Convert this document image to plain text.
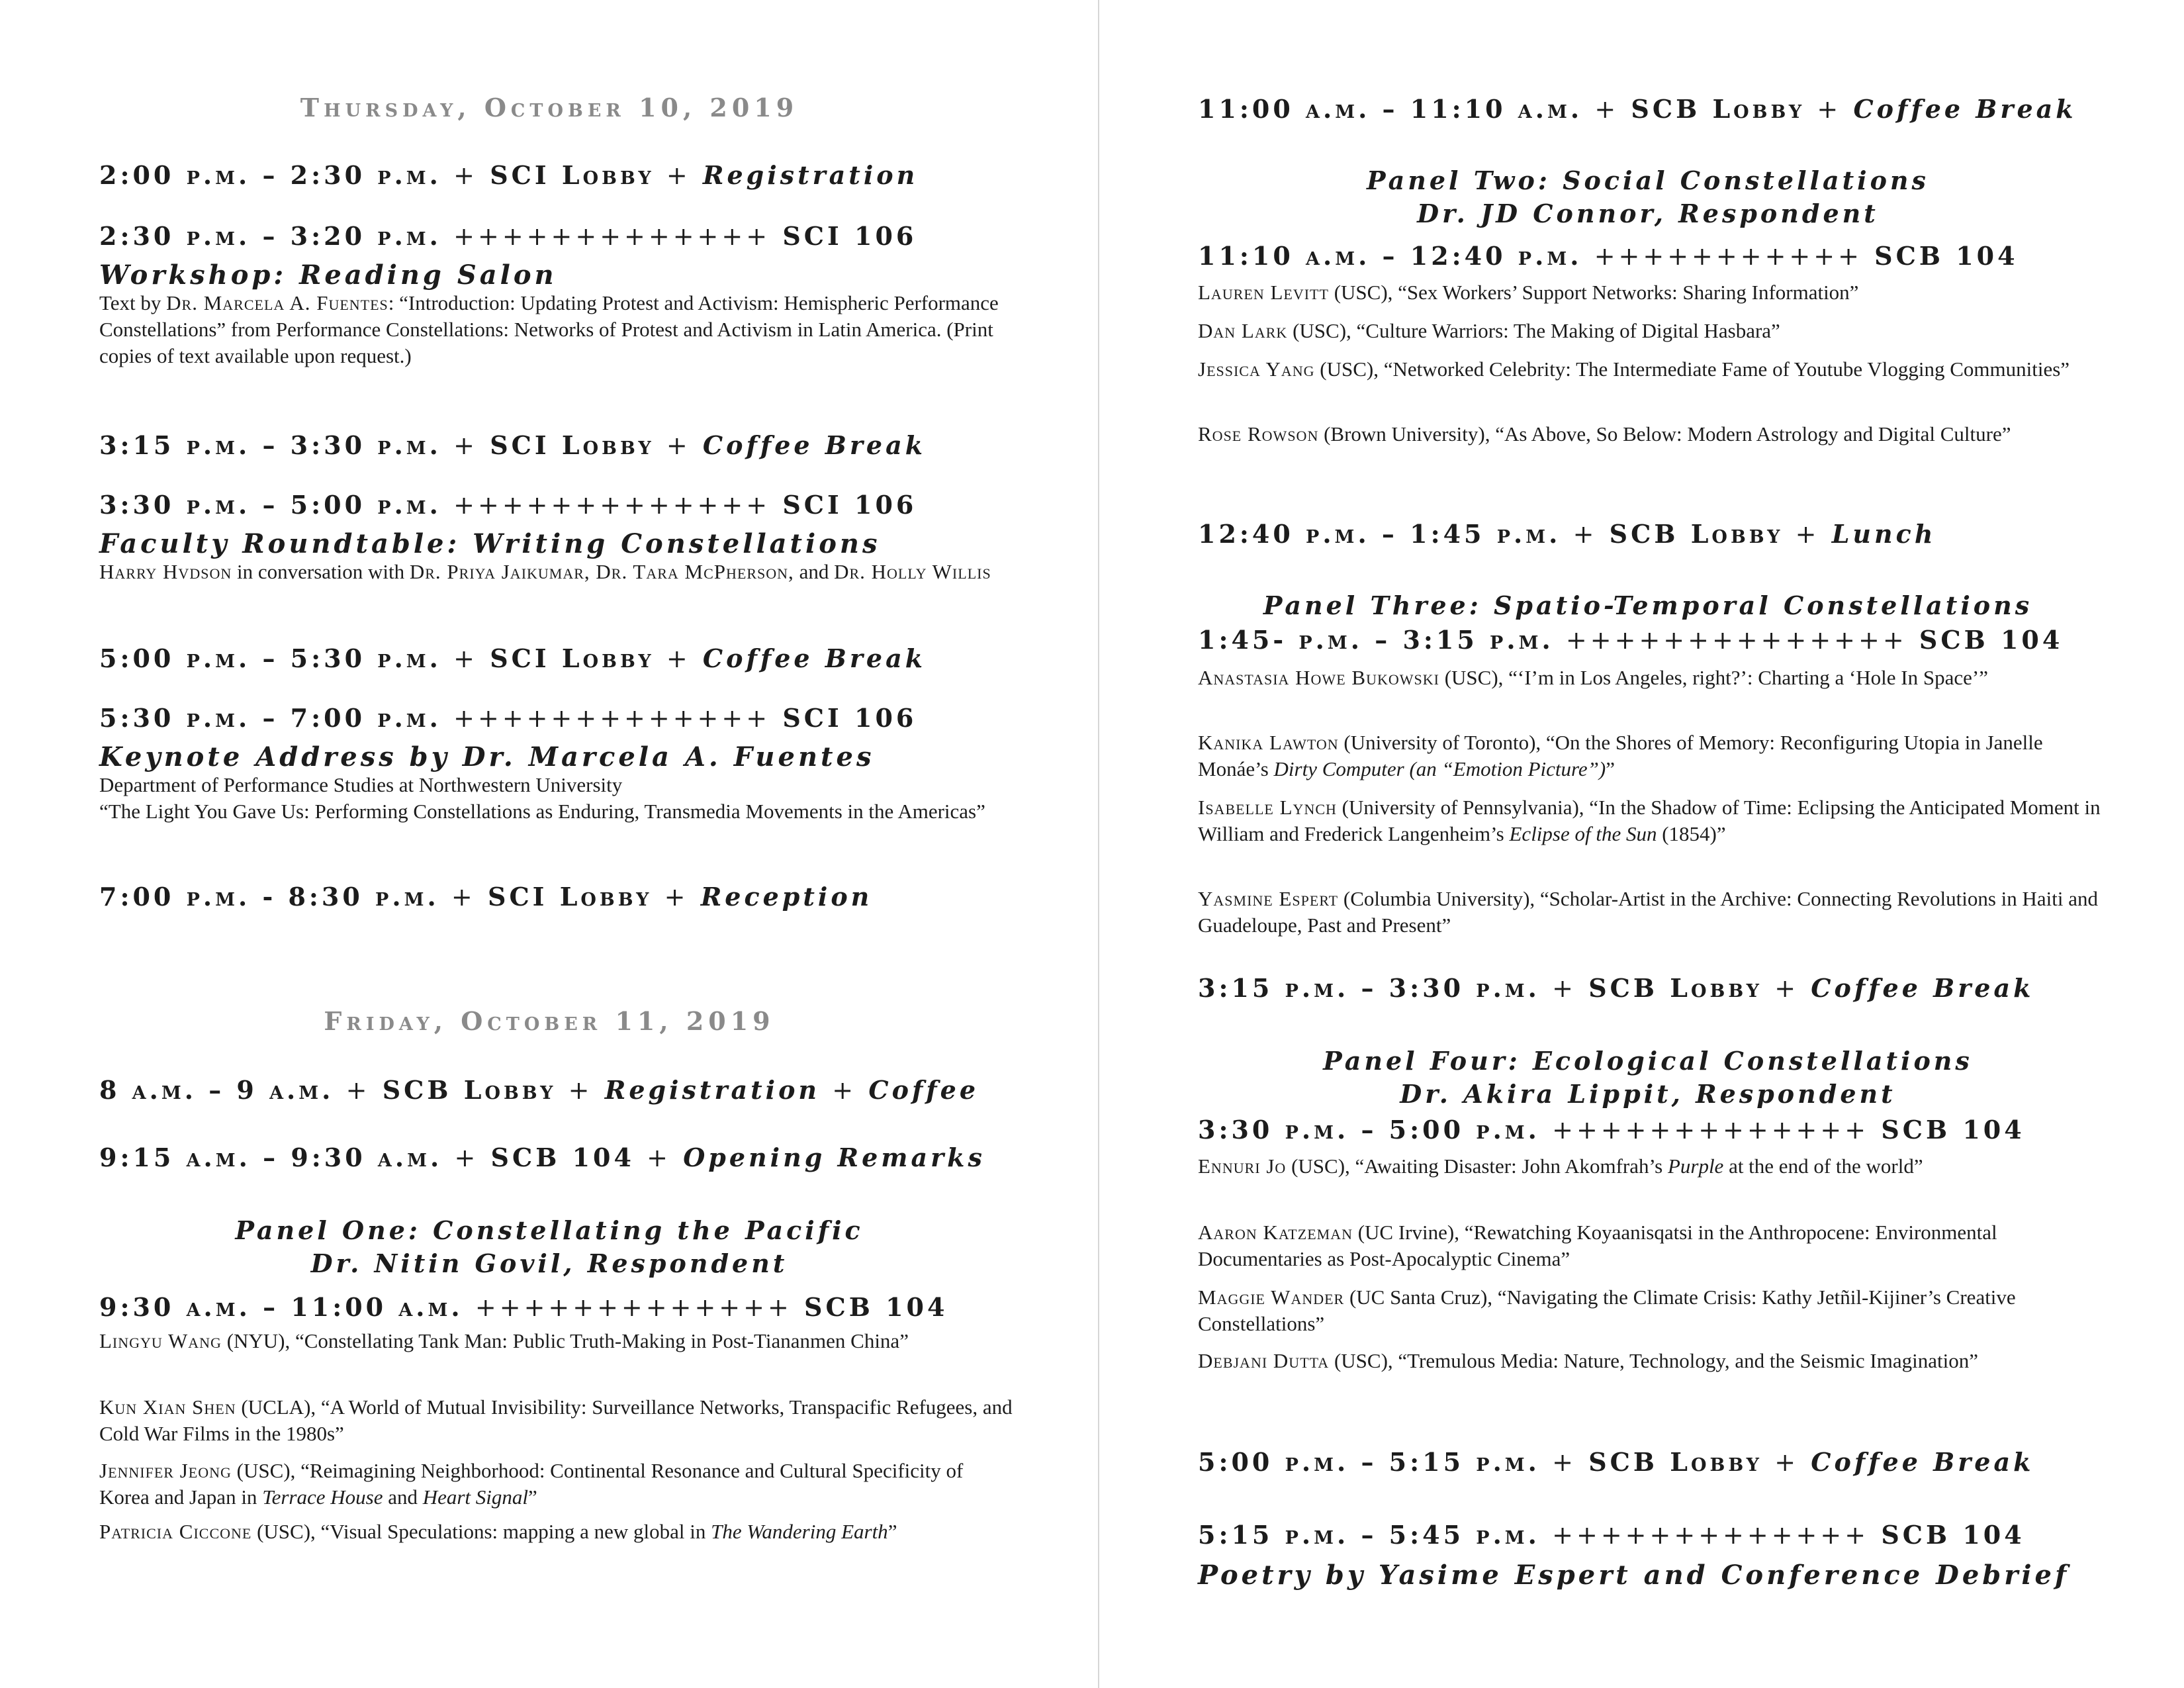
Thursday, October 10, 2019
2:00 p.m. – 2:30 p.m. + SCI Lobby + Registration
2:30 p.m. – 3:20 p.m. +++++++++++++ SCI 106
Workshop: Reading Salon
Text by Dr. Marcela A. Fuentes: “Introduction: Updating Protest and Activism: Hemispheric Performance Constellations” from Performance Constellations: Networks of Protest and Activism in Latin America. (Print copies of text available upon request.)
3:15 p.m. – 3:30 p.m. + SCI Lobby + Coffee Break
3:30 p.m. – 5:00 p.m. +++++++++++++ SCI 106
Faculty Roundtable: Writing Constellations
Harry Hvdson in conversation with Dr. Priya Jaikumar, Dr. Tara McPherson, and Dr. Holly Willis
5:00 p.m. – 5:30 p.m. + SCI Lobby + Coffee Break
5:30 p.m. – 7:00 p.m. +++++++++++++ SCI 106
Keynote Address by Dr. Marcela A. Fuentes
Department of Performance Studies at Northwestern University
“The Light You Gave Us: Performing Constellations as Enduring, Transmedia Movements in the Americas”
7:00 p.m. - 8:30 p.m. + SCI Lobby + Reception
Friday, October 11, 2019
8 a.m. – 9 a.m. + SCB Lobby + Registration + Coffee
9:15 a.m. – 9:30 a.m. + SCB 104 + Opening Remarks
Panel One: Constellating the Pacific
Dr. Nitin Govil, Respondent
9:30 a.m. – 11:00 a.m. +++++++++++++ SCB 104
Lingyu Wang (NYU), “Constellating Tank Man: Public Truth-Making in Post-Tiananmen China”
Kun Xian Shen (UCLA), “A World of Mutual Invisibility: Surveillance Networks, Transpacific Refugees, and Cold War Films in the 1980s”
Jennifer Jeong (USC), “Reimagining Neighborhood: Continental Resonance and Cultural Specificity of Korea and Japan in Terrace House and Heart Signal”
Patricia Ciccone (USC), “Visual Speculations: mapping a new global in The Wandering Earth”
11:00 a.m. – 11:10 a.m. + SCB Lobby + Coffee Break
Panel Two: Social Constellations
Dr. JD Connor, Respondent
11:10 a.m. – 12:40 p.m. +++++++++++ SCB 104
Lauren Levitt (USC), “Sex Workers’ Support Networks: Sharing Information”
Dan Lark (USC), “Culture Warriors: The Making of Digital Hasbara”
Jessica Yang (USC), “Networked Celebrity: The Intermediate Fame of Youtube Vlogging Communities”
Rose Rowson (Brown University), “As Above, So Below: Modern Astrology and Digital Culture”
12:40 p.m. – 1:45 p.m. + SCB Lobby + Lunch
Panel Three: Spatio-Temporal Constellations
1:45- p.m. – 3:15 p.m. ++++++++++++++ SCB 104
Anastasia Howe Bukowski (USC), “‘I’m in Los Angeles, right?’: Charting a ‘Hole In Space’”
Kanika Lawton (University of Toronto), “On the Shores of Memory: Reconfiguring Utopia in Janelle Monáe’s Dirty Computer (an “Emotion Picture”)”
Isabelle Lynch (University of Pennsylvania), “In the Shadow of Time: Eclipsing the Anticipated Moment in William and Frederick Langenheim’s Eclipse of the Sun (1854)”
Yasmine Espert (Columbia University), “Scholar-Artist in the Archive: Connecting Revolutions in Haiti and Guadeloupe, Past and Present”
3:15 p.m. – 3:30 p.m. + SCB Lobby + Coffee Break
Panel Four: Ecological Constellations
Dr. Akira Lippit, Respondent
3:30 p.m. – 5:00 p.m. +++++++++++++ SCB 104
Ennuri Jo (USC), “Awaiting Disaster: John Akomfrah’s Purple at the end of the world”
Aaron Katzeman (UC Irvine), “Rewatching Koyaanisqatsi in the Anthropocene: Environmental Documentaries as Post-Apocalyptic Cinema”
Maggie Wander (UC Santa Cruz), “Navigating the Climate Crisis: Kathy Jetñil-Kijiner’s Creative Constellations”
Debjani Dutta (USC), “Tremulous Media: Nature, Technology, and the Seismic Imagination”
5:00 p.m. – 5:15 p.m. + SCB Lobby + Coffee Break
5:15 p.m. – 5:45 p.m. +++++++++++++ SCB 104
Poetry by Yasime Espert and Conference Debrief
